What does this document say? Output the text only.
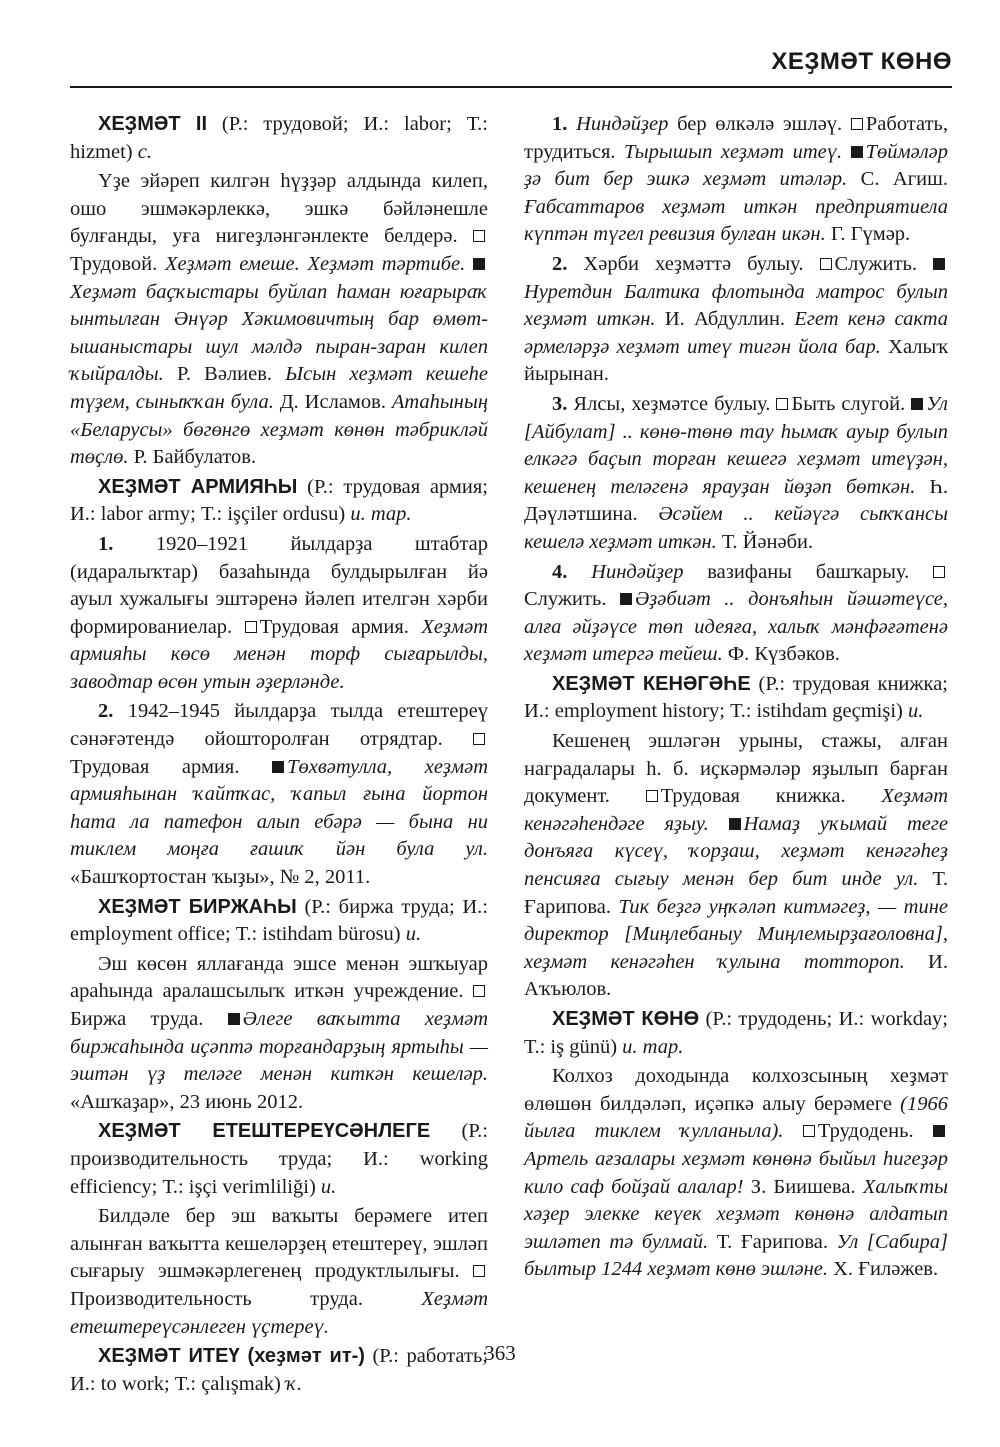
ХЕҘМӘТ КӨНӨ

ХЕҘМӘТ II (Р.: трудовой; И.: labor; Т.: hizmet) с.

Үҙе эйәреп килгән һүҙҙәр алдында килеп, ошо эшмәкәрлеккә, эшкә бәйләнешле булғанды, уға нигеҙләнгәнлекте белдерә. Трудовой. Хеҙмәт емеше. Хеҙмәт тәртибе. Хеҙмәт баҫҡыстары буйлап һаман юғарыраҡ ынтылған Әнүәр Хәкимовичтың бар өмөт-ышаныстары шул мәлдә пыран-заран килеп ҡыйралды. Р. Вәлиев. Ысын хеҙмәт кешеһе түҙем, сыныҡҡан була. Д. Исламов. Атаһының «Беларусы» бөгөнгө хеҙмәт көнөн тәбрикләй төҫлө. Р. Байбулатов.

ХЕҘМӘТ АРМИЯҺЫ (Р.: трудовая армия; И.: labor army; Т.: işçiler ordusu) и. тар.

1. 1920–1921 йылдарҙа штабтар (идаралыҡтар) базаһында булдырылған йә ауыл хужалығы эштәренә йәлеп ителгән хәрби формированиелар. Трудовая армия. Хеҙмәт армияһы көсө менән торф сығарылды, заводтар өсөн утын әҙерләнде.

2. 1942–1945 йылдарҙа тылда етештереү сәнәғәтендә ойошторолған отрядтар. Трудовая армия. Төхвәтулла, хеҙмәт армияһынан ҡайтҡас, ҡапыл ғына йортон һата ла патефон алып ебәрә — бына ни тиклем моңға ғашиҡ йән була ул. «Башҡортостан ҡыҙы», № 2, 2011.

ХЕҘМӘТ БИРЖАҺЫ (Р.: биржа труда; И.: employment office; Т.: istihdam bürosu) и.

Эш көсөн яллағанда эшсе менән эшҡыуар араһында аралашсылыҡ иткән учреждение. Биржа труда. Әлеге ваҡытта хеҙмәт биржаһында иҫәптә торғандарҙың яртыһы — эштән үҙ теләге менән киткән кешеләр. «Ашҡаҙар», 23 июнь 2012.

ХЕҘМӘТ ЕТЕШТЕРЕҮСӘНЛЕГЕ (Р.: производительность труда; И.: working efficiency; Т.: işçi verimliliği) и.

Билдәле бер эш ваҡыты берәмеге итеп алынған ваҡытта кешеләрҙең етештереү, эшләп сығарыу эшмәкәрлегенең продуктлылығы. Производительность труда.	Хеҙмәт етештереүсәнлеген үҫтереү.

ХЕҘМӘТ ИТЕҮ (хеҙмәт ит-) (Р.: работать; И.: to work; Т.: çalışmak) ҡ.

1. Ниндәйҙер бер өлкәлә эшләү. Работать, трудиться. Тырышып хеҙмәт итеү. Төймәләр ҙә бит бер эшкә хеҙмәт итәләр. С. Агиш. Ғабсаттаров хеҙмәт иткән предприятиела күптән түгел ревизия булған икән. Г. Гүмәр.

2. Хәрби хеҙмәттә булыу. Служить. Нуретдин Балтика флотында матрос булып хеҙмәт иткән. И. Абдуллин. Егет кенә сакта әрмеләрҙә хеҙмәт итеү тигән йола бар. Халыҡ йырынан.

3. Ялсы, хеҙмәтсе булыу. Быть слугой. Ул [Айбулат] .. көнө-төнө тау һымаҡ ауыр булып елкәгә баҫып торған кешегә хеҙмәт итеүҙән, кешенең теләгенә ярауҙан йөҙәп бөткән. Һ. Дәүләтшина. Әсәйем .. кейәүгә сыҡҡансы кешелә хеҙмәт иткән. Т. Йәнәби.

4. Ниндәйҙер вазифаны башҡарыу. Служить. Әҙәбиәт .. донъяһын йәшәтеүсе, алға әйҙәүсе төп идеяға, халыҡ мәнфәғәтенә хеҙмәт итергә тейеш. Ф. Күзбәков.

ХЕҘМӘТ КЕНӘГӘҺЕ (Р.: трудовая книжка; И.: employment history; Т.: istihdam geçmişi) и.

Кешенең эшләгән урыны, стажы, алған наградалары һ. б. иҫкәрмәләр яҙылып барған документ. Трудовая книжка. Хеҙмәт кенәгәһендәге яҙыу. Намаҙ уҡымай теге донъяға күсеү, ҡорҙаш, хеҙмәт кенәгәһеҙ пенсияға сығыу менән бер бит инде ул. Т. Ғарипова. Тик беҙгә уңҡәләп китмәгеҙ, — тине директор [Миңлебаныу Миңлемырҙағоловна], хеҙмәт кенәгәһен ҡулына тоттороп. И. Аҡъюлов.

ХЕҘМӘТ КӨНӨ (Р.: трудодень; И.: workday; Т.: iş günü) и. тар.

Колхоз доходында колхозсының хеҙмәт өлөшөн билдәләп, иҫәпкә алыу берәмеге (1966 йылға тиклем ҡулланыла). Трудодень. Артель ағзалары хеҙмәт көнөнә быйыл һигеҙәр кило саф бойҙай алалар! З. Биишева. Халыҡты хәҙер элекке кеүек хеҙмәт көнөнә алдатып эшләтеп тә булмай. Т. Ғарипова. Ул [Сабира] былтыр 1244 хеҙмәт көнө эшләне. Х. Ғиләжев.

363
